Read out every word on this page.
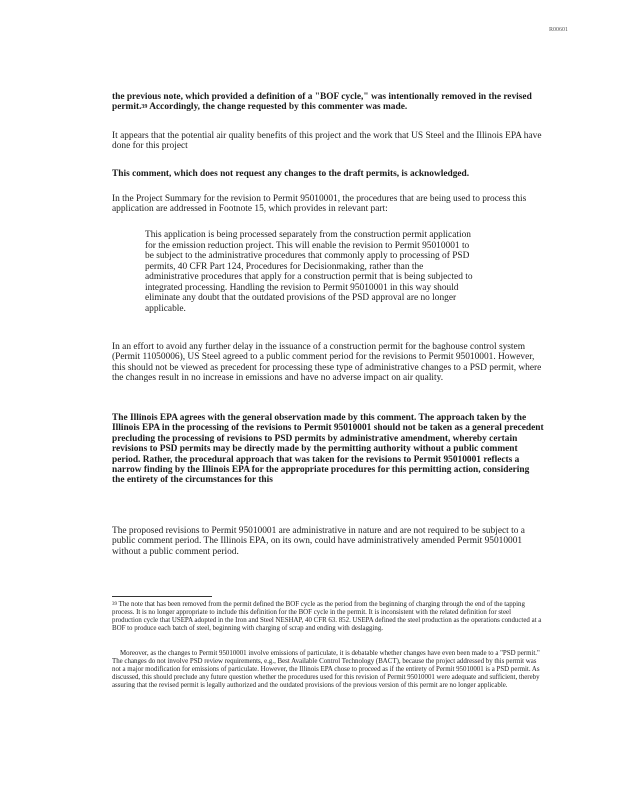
R00601
the previous note, which provided a definition of a "BOF cycle," was intentionally removed in the revised permit.$^{39}$ Accordingly, the change requested by this commenter was made.
It appears that the potential air quality benefits of this project and the work that US Steel and the Illinois EPA have done for this project
This comment, which does not request any changes to the draft permits, is acknowledged.
In the Project Summary for the revision to Permit 95010001, the procedures that are being used to process this application are addressed in Footnote 15, which provides in relevant part:
This application is being processed separately from the construction permit application for the emission reduction project. This will enable the revision to Permit 95010001 to be subject to the administrative procedures that commonly apply to processing of PSD permits, 40 CFR Part 124, Procedures for Decisionmaking, rather than the administrative procedures that apply for a construction permit that is being subjected to integrated processing. Handling the revision to Permit 95010001 in this way should eliminate any doubt that the outdated provisions of the PSD approval are no longer applicable.
In an effort to avoid any further delay in the issuance of a construction permit for the baghouse control system (Permit 11050006), US Steel agreed to a public comment period for the revisions to Permit 95010001. However, this should not be viewed as precedent for processing these type of administrative changes to a PSD permit, where the changes result in no increase in emissions and have no adverse impact on air quality.
The Illinois EPA agrees with the general observation made by this comment. The approach taken by the Illinois EPA in the processing of the revisions to Permit 95010001 should not be taken as a general precedent precluding the processing of revisions to PSD permits by administrative amendment, whereby certain revisions to PSD permits may be directly made by the permitting authority without a public comment period. Rather, the procedural approach that was taken for the revisions to Permit 95010001 reflects a narrow finding by the Illinois EPA for the appropriate procedures for this permitting action, considering the entirety of the circumstances for this
The proposed revisions to Permit 95010001 are administrative in nature and are not required to be subject to a public comment period. The Illinois EPA, on its own, could have administratively amended Permit 95010001 without a public comment period.
$^{39}$ The note that has been removed from the permit defined the BOF cycle as the period from the beginning of charging through the end of the tapping process. It is no longer appropriate to include this definition for the BOF cycle in the permit. It is inconsistent with the related definition for steel production cycle that USEPA adopted in the Iron and Steel NESHAP, 40 CFR 63. 852. USEPA defined the steel production as the operations conducted at a BOF to produce each batch of steel, beginning with charging of scrap and ending with deslagging.
Moreover, as the changes to Permit 95010001 involve emissions of particulate, it is debatable whether changes have even been made to a "PSD permit." The changes do not involve PSD review requirements, e.g., Best Available Control Technology (BACT), because the project addressed by this permit was not a major modification for emissions of particulate. However, the Illinois EPA chose to proceed as if the entirety of Permit 95010001 is a PSD permit. As discussed, this should preclude any future question whether the procedures used for this revision of Permit 95010001 were adequate and sufficient, thereby assuring that the revised permit is legally authorized and the outdated provisions of the previous version of this permit are no longer applicable.
